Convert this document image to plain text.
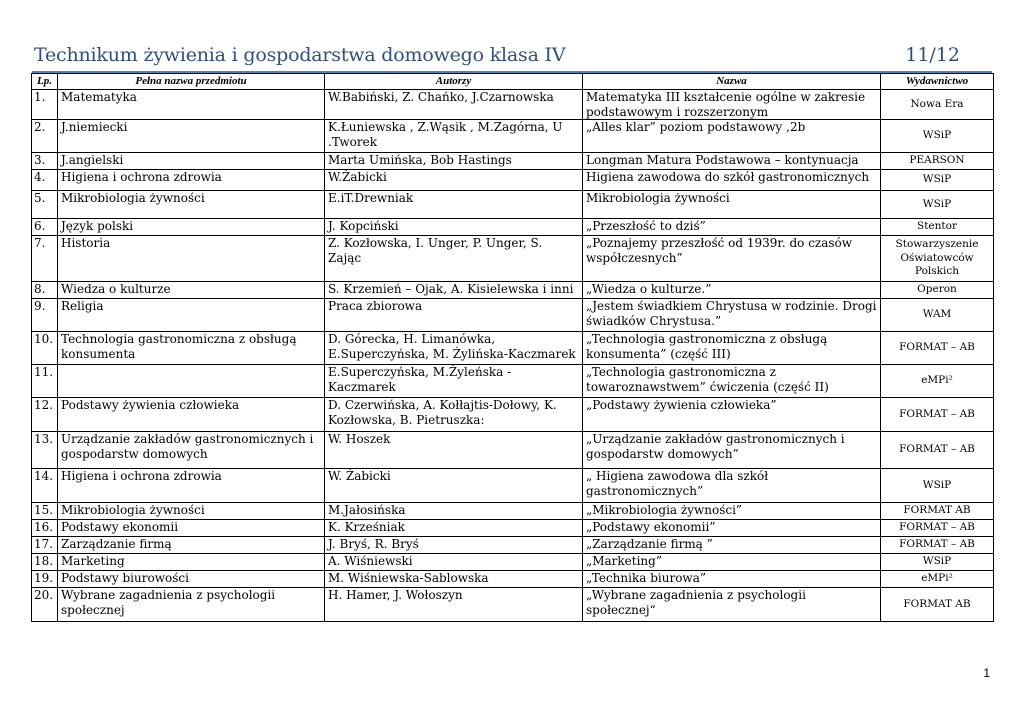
Technikum żywienia i gospodarstwa domowego klasa IV	11/12
Lp.	Pełna nazwa przedmiotu	Autorzy	Nazwa	Wydawnictwo
1.	Matematyka	W.Babiński, Z. Chańko, J.Czarnowska	Matematyka III kształcenie ogólne w zakresie podstawowym i rozszerzonym	Nowa Era
2.	J.niemiecki	K.Łuniewska , Z.Wąsik , M.Zagórna, U .Tworek	„Alles klar” poziom podstawowy ,2b	WSiP
3.	J.angielski	Marta Umińska, Bob Hastings	Longman Matura Podstawowa – kontynuacja	PEARSON
4.	Higiena i ochrona zdrowia	W.Żabicki	Higiena zawodowa do szkół gastronomicznych	WSiP
5.	Mikrobiologia żywności	E.iT.Drewniak	Mikrobiologia żywności	WSiP
6.	Język polski	J. Kopciński	„Przeszłość to dziś”	Stentor
7.	Historia	Z. Kozłowska, I. Unger, P. Unger, S. Zając	„Poznajemy przeszłość od 1939r. do czasów współczesnych”	Stowarzyszenie Oświatowców Polskich
8.	Wiedza o kulturze	S. Krzemień – Ojak, A. Kisielewska i inni	„Wiedza o kulturze.”	Operon
9.	Religia	Praca zbiorowa	„Jestem świadkiem Chrystusa w rodzinie. Drogi świadków Chrystusa.”	WAM
10.	Technologia gastronomiczna z obsługą konsumenta	D. Górecka, H. Limanówka, E.Superczyńska, M. Żylińska-Kaczmarek	„Technologia gastronomiczna z obsługą konsumenta” (część III)	FORMAT – AB
11.		E.Superczyńska, M.Żyleńska - Kaczmarek	„Technologia gastronomiczna z towaroznawstwem” ćwiczenia (część II)	eMPi²
12.	Podstawy żywienia człowieka	D. Czerwińska, A. Kołłajtis-Dołowy, K. Kozłowska, B. Pietruszka:	„Podstawy żywienia człowieka”	FORMAT – AB
13.	Urządzanie zakładów gastronomicznych i gospodarstw domowych	W. Hoszek	„Urządzanie zakładów gastronomicznych i gospodarstw domowych”	FORMAT – AB
14.	Higiena i ochrona zdrowia	W. Żabicki	„ Higiena zawodowa dla szkół gastronomicznych”	WSiP
15.	Mikrobiologia żywności	M.Jałosińska	„Mikrobiologia żywności”	FORMAT AB
16.	Podstawy ekonomii	K. Krześniak	„Podstawy ekonomii”	FORMAT – AB
17.	Zarządzanie firmą	J. Bryś, R. Bryś	„Zarządzanie firmą ”	FORMAT – AB
18.	Marketing	A. Wiśniewski	„Marketing”	WSiP
19.	Podstawy biurowości	M. Wiśniewska-Sablowska	„Technika biurowa”	eMPi²
20.	Wybrane zagadnienia z psychologii społecznej	H. Hamer, J. Wołoszyn	„Wybrane zagadnienia z psychologii społecznej“	FORMAT AB
1
